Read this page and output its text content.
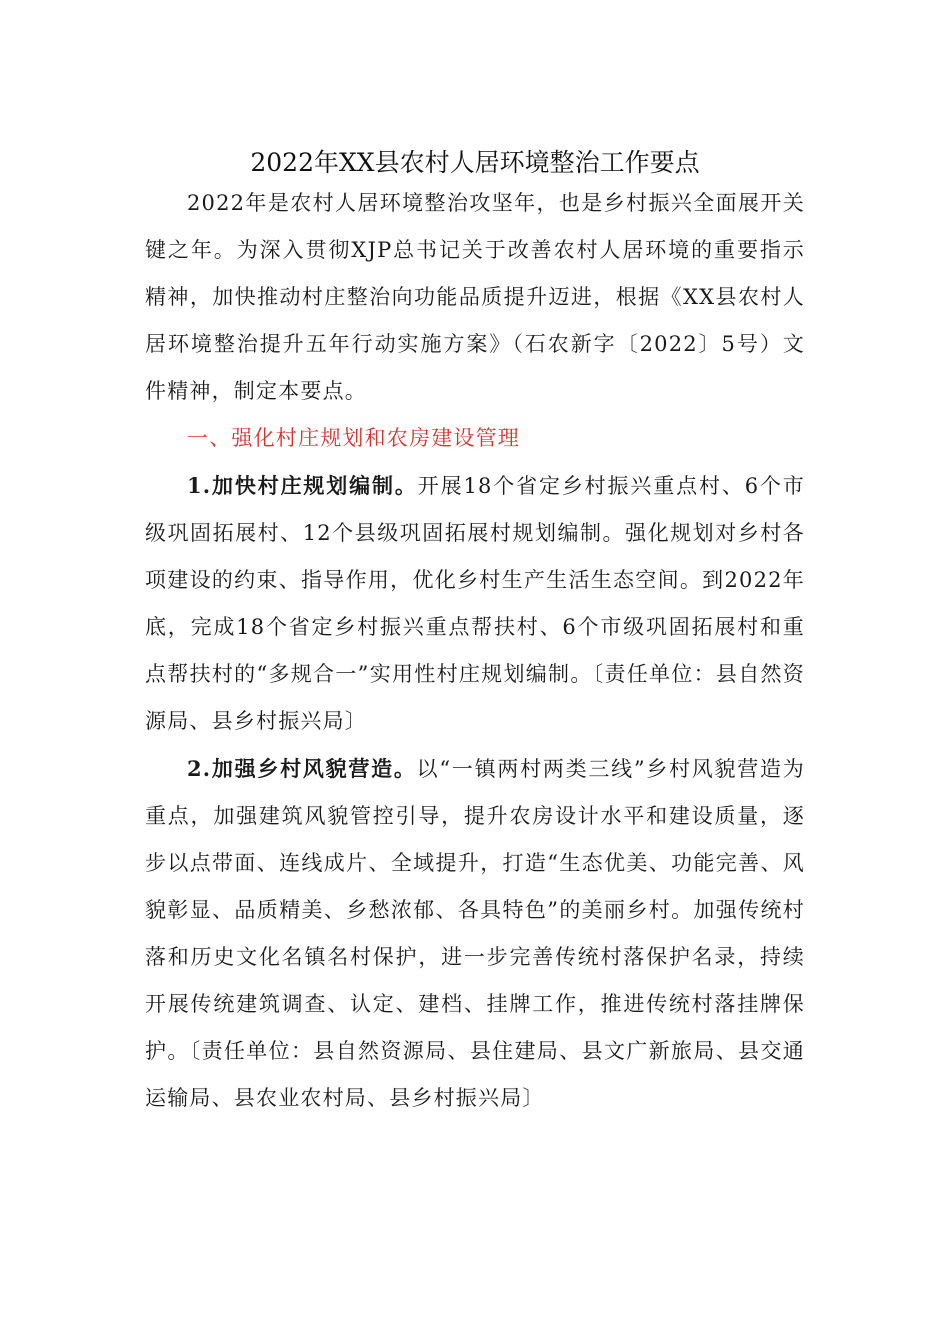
2022年XX县农村人居环境整治工作要点

2022年是农村人居环境整治攻坚年，也是乡村振兴全面展开关键之年。为深入贯彻XJP总书记关于改善农村人居环境的重要指示精神，加快推动村庄整治向功能品质提升迈进，根据《XX县农村人居环境整治提升五年行动实施方案》（石农新字〔2022〕5号）文件精神，制定本要点。

一、强化村庄规划和农房建设管理

1.加快村庄规划编制。开展18个省定乡村振兴重点村、6个市级巩固拓展村、12个县级巩固拓展村规划编制。强化规划对乡村各项建设的约束、指导作用，优化乡村生产生活生态空间。到2022年底，完成18个省定乡村振兴重点帮扶村、6个市级巩固拓展村和重点帮扶村的“多规合一”实用性村庄规划编制。〔责任单位：县自然资源局、县乡村振兴局〕

2.加强乡村风貌营造。以“一镇两村两类三线”乡村风貌营造为重点，加强建筑风貌管控引导，提升农房设计水平和建设质量，逐步以点带面、连线成片、全域提升，打造“生态优美、功能完善、风貌彰显、品质精美、乡愁浓郁、各具特色”的美丽乡村。加强传统村落和历史文化名镇名村保护，进一步完善传统村落保护名录，持续开展传统建筑调查、认定、建档、挂牌工作，推进传统村落挂牌保护。〔责任单位：县自然资源局、县住建局、县文广新旅局、县交通运输局、县农业农村局、县乡村振兴局〕
